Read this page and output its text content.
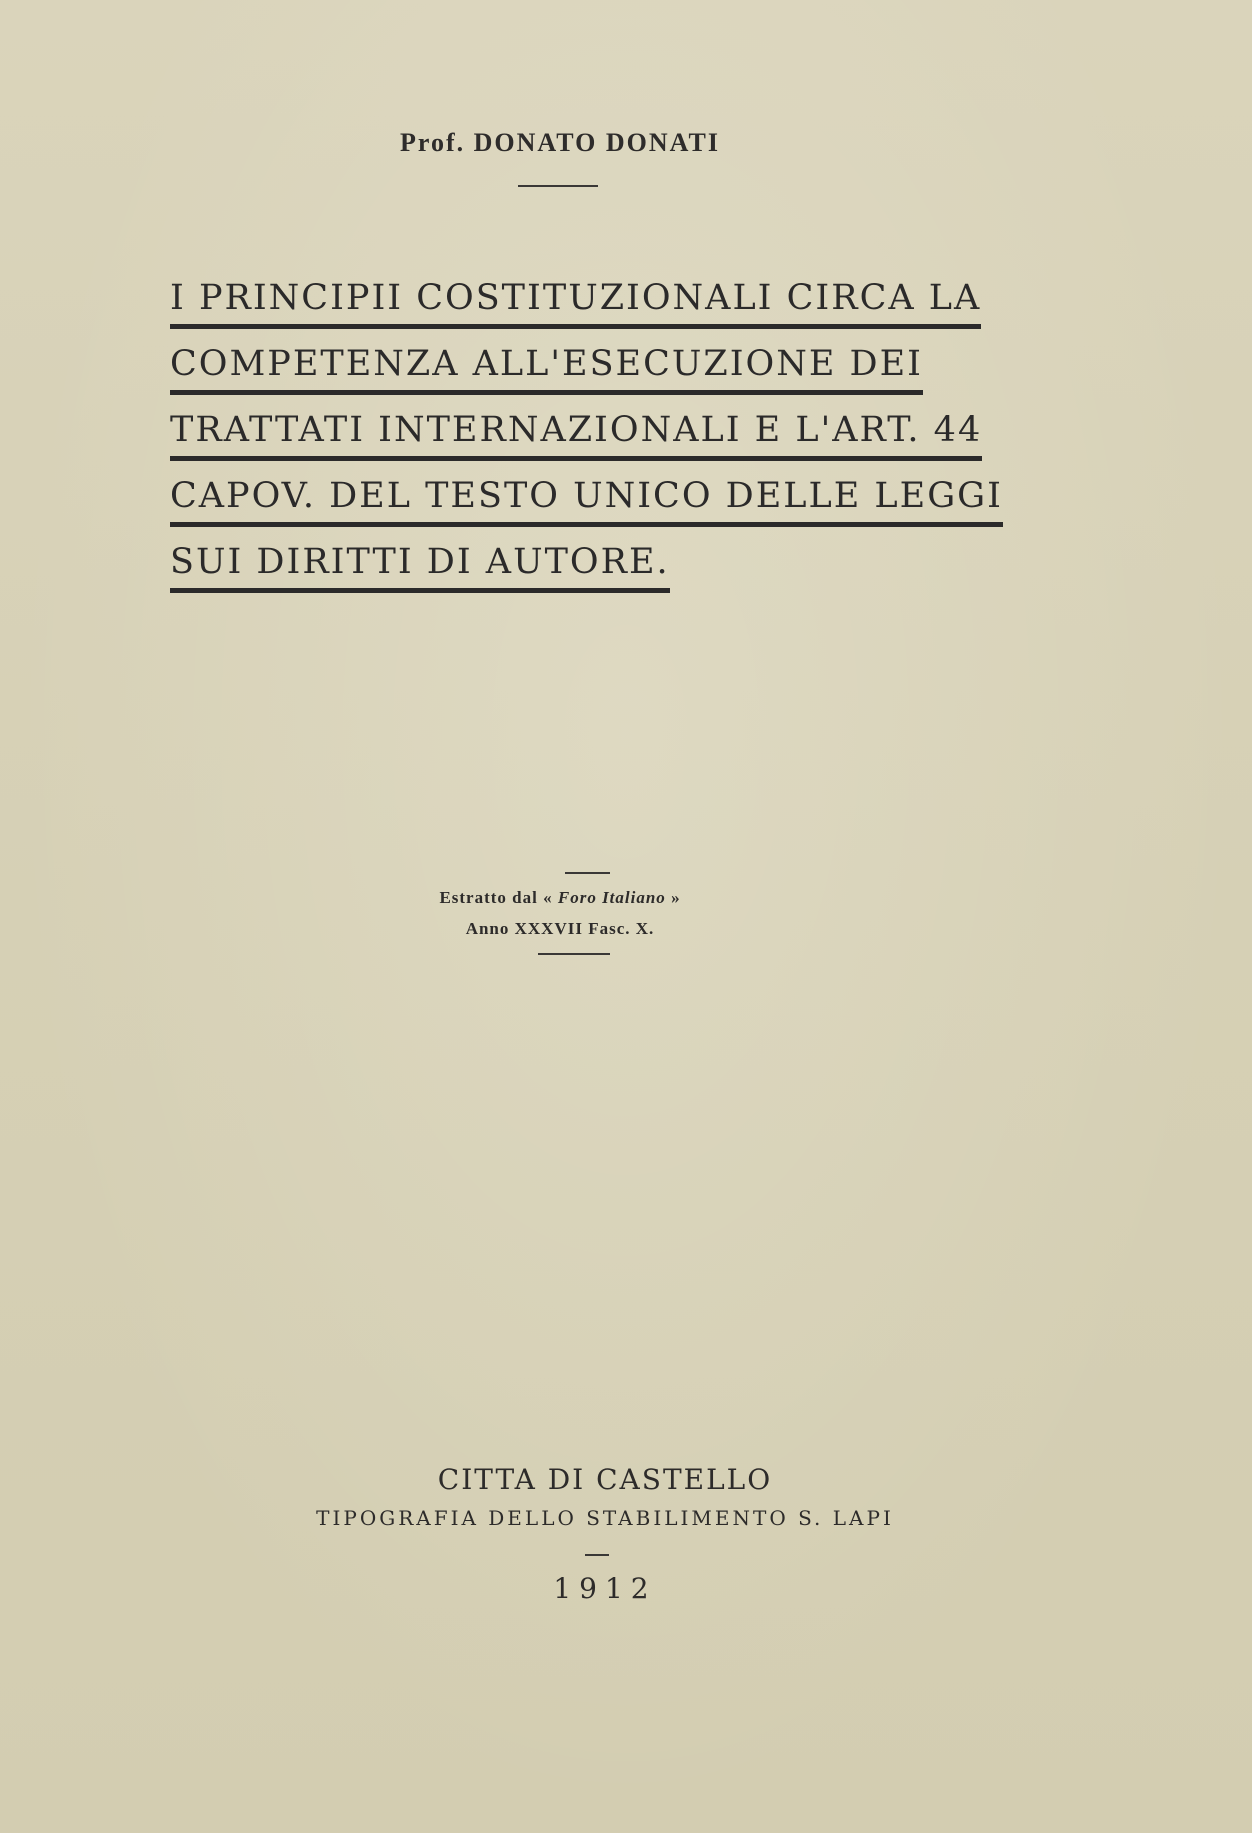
Prof. DONATO DONATI
I PRINCIPII COSTITUZIONALI CIRCA LA
COMPETENZA ALL'ESECUZIONE DEI
TRATTATI INTERNAZIONALI E L'ART. 44
CAPOV. DEL TESTO UNICO DELLE LEGGI
SUI DIRITTI DI AUTORE.
Estratto dal « Foro Italiano »
Anno XXXVII Fasc. X.
CITTA DI CASTELLO
TIPOGRAFIA DELLO STABILIMENTO S. LAPI
1912
